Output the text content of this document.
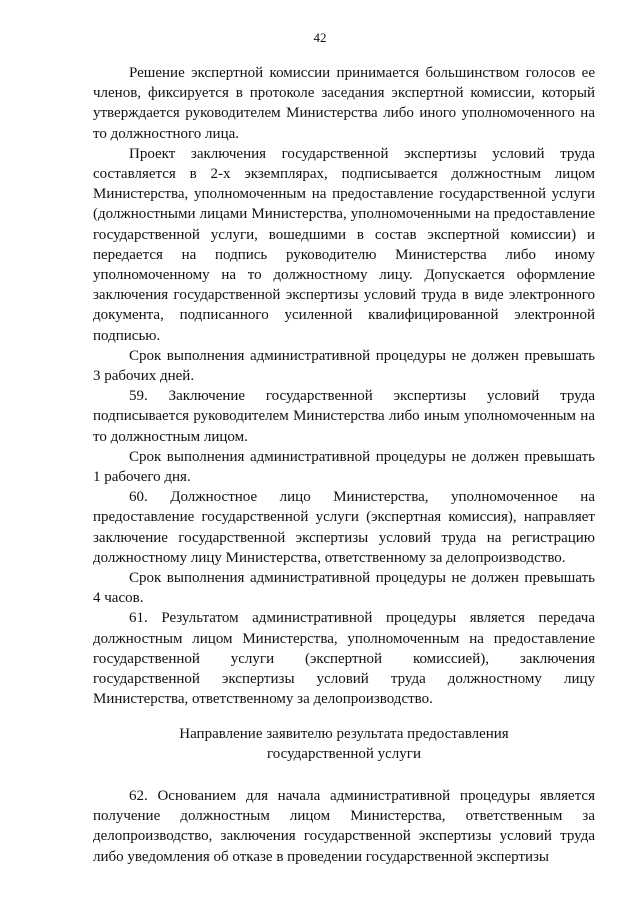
42

Решение экспертной комиссии принимается большинством голосов ее членов, фиксируется в протоколе заседания экспертной комиссии, который утверждается руководителем Министерства либо иного уполномоченного на то должностного лица.

Проект заключения государственной экспертизы условий труда составляется в 2-х экземплярах, подписывается должностным лицом Министерства, уполномоченным на предоставление государственной услуги (должностными лицами Министерства, уполномоченными на предоставление государственной услуги, вошедшими в состав экспертной комиссии) и передается на подпись руководителю Министерства либо иному уполномоченному на то должностному лицу. Допускается оформление заключения государственной экспертизы условий труда в виде электронного документа, подписанного усиленной квалифицированной электронной подписью.

Срок выполнения административной процедуры не должен превышать 3 рабочих дней.

59. Заключение государственной экспертизы условий труда подписывается руководителем Министерства либо иным уполномоченным на то должностным лицом.

Срок выполнения административной процедуры не должен превышать 1 рабочего дня.

60. Должностное лицо Министерства, уполномоченное на предоставление государственной услуги (экспертная комиссия), направляет заключение государственной экспертизы условий труда на регистрацию должностному лицу Министерства, ответственному за делопроизводство.

Срок выполнения административной процедуры не должен превышать 4 часов.

61. Результатом административной процедуры является передача должностным лицом Министерства, уполномоченным на предоставление государственной услуги (экспертной комиссией), заключения государственной экспертизы условий труда должностному лицу Министерства, ответственному за делопроизводство.

Направление заявителю результата предоставления
государственной услуги

62. Основанием для начала административной процедуры является получение должностным лицом Министерства, ответственным за делопроизводство, заключения государственной экспертизы условий труда либо уведомления об отказе в проведении государственной экспертизы
